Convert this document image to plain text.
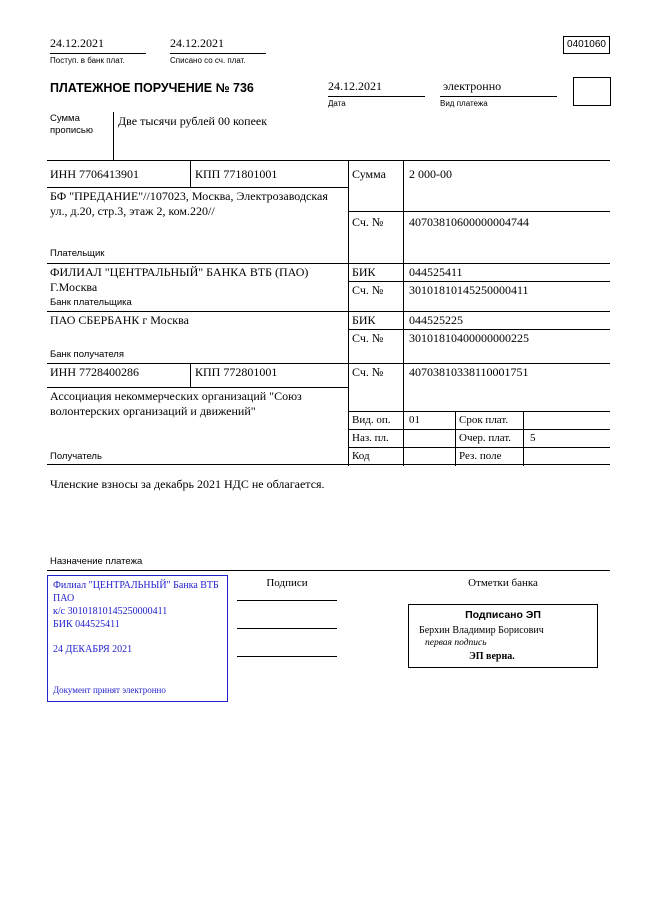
24.12.2021
Поступ. в банк плат.
24.12.2021
Списано со сч. плат.
0401060
ПЛАТЕЖНОЕ ПОРУЧЕНИЕ № 736	24.12.2021
Дата
электронно
Вид платежа
Сумма прописью
Две тысячи рублей 00 копеек
ИНН 7706413901	КПП 771801001	Сумма 2 000-00
БФ "ПРЕДАНИЕ"//107023, Москва, Электрозаводская ул., д.20, стр.3, этаж 2, ком.220//
Сч. № 40703810600000004744
Плательщик
ФИЛИАЛ "ЦЕНТРАЛЬНЫЙ" БАНКА ВТБ (ПАО) Г.Москва
БИК	044525411
Сч. № 30101810145250000411
Банк плательщика
ПАО СБЕРБАНК г Москва	БИК	044525225
Сч. № 30101810400000000225
Банк получателя
ИНН 7728400286	КПП 772801001	Сч. № 40703810338110001751
Ассоциация некоммерческих организаций "Союз волонтерских организаций и движений"
Получатель
Вид. оп. 01	Срок плат.
Наз. пл.	Очер. плат. 5
Код	Рез. поле
Членские взносы за декабрь 2021 НДС не облагается.
Назначение платежа
Филиал "ЦЕНТРАЛЬНЫЙ" Банка ВТБ ПАО
к/с 30101810145250000411
БИК 044525411
24 ДЕКАБРЯ 2021
Документ принят электронно
Подписи	Отметки банка
Подписано ЭП
Берхин Владимир Борисович
первая подпись
ЭП верна.
